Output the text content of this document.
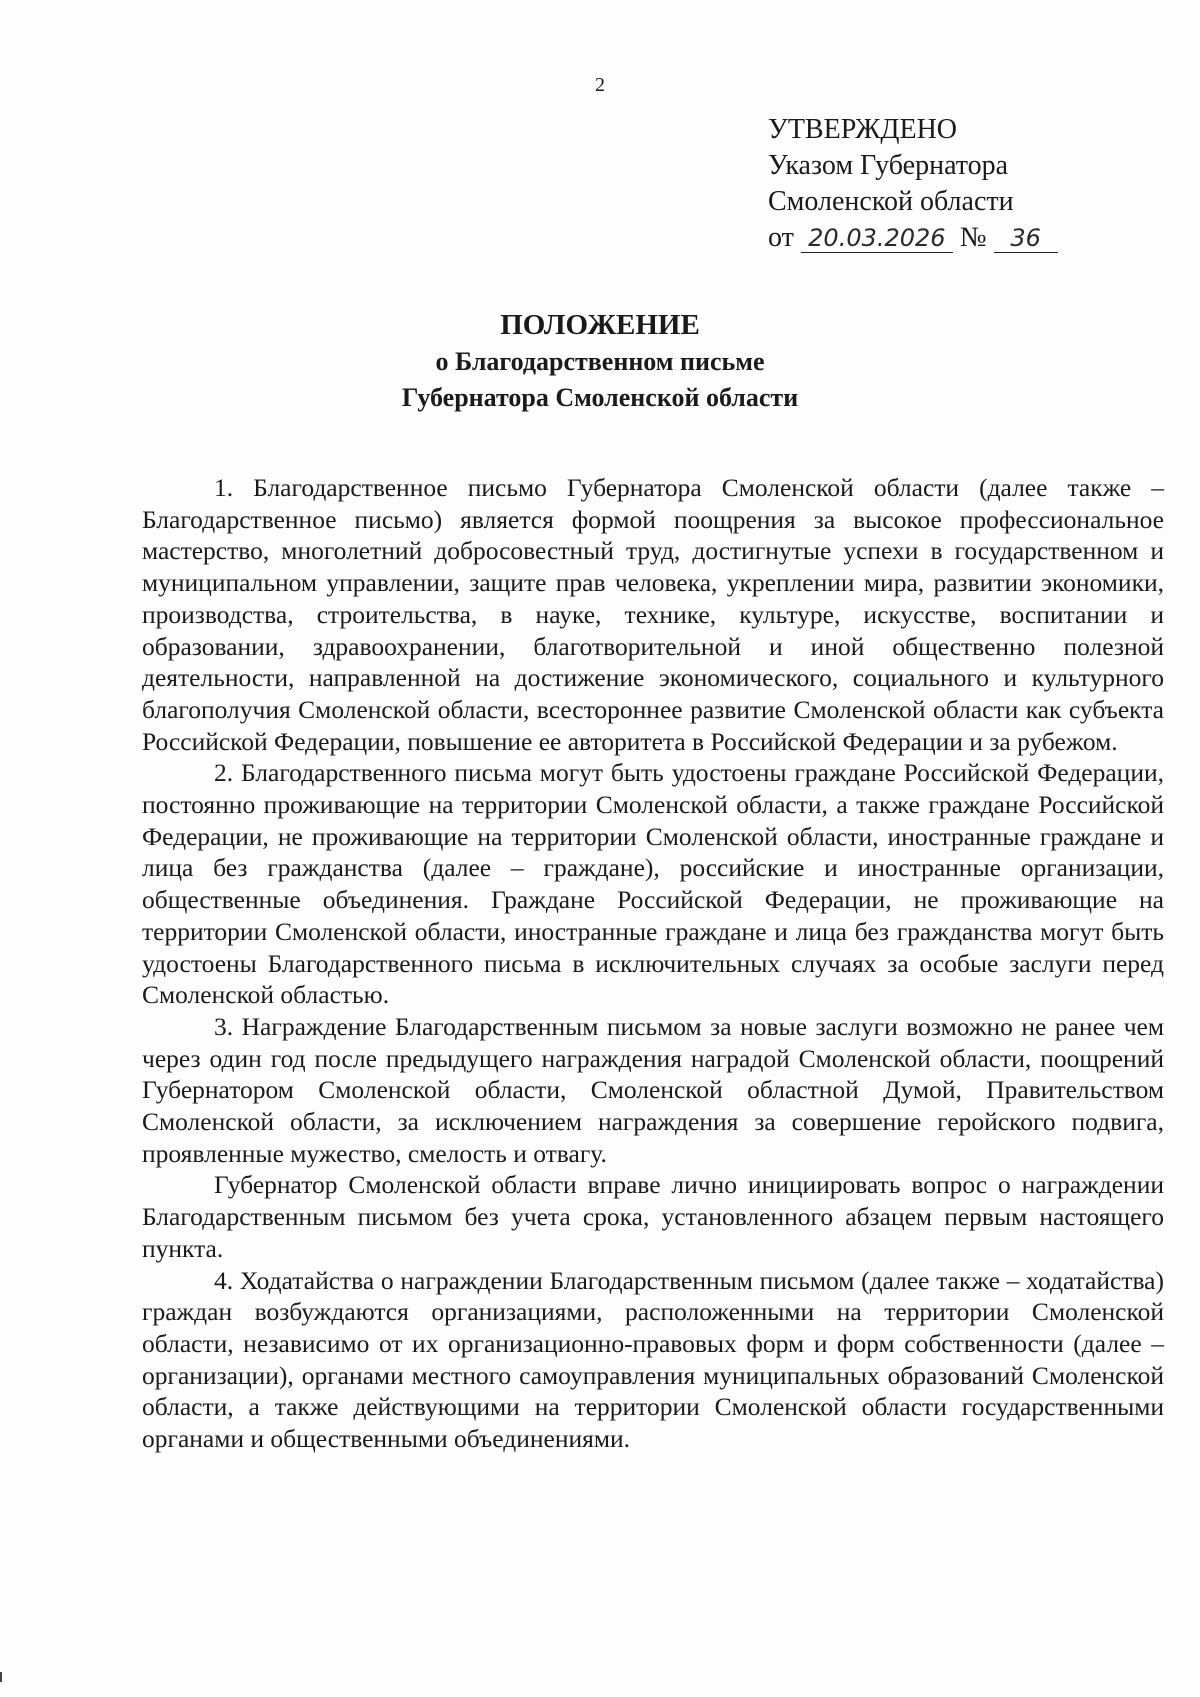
2
УТВЕРЖДЕНО
Указом Губернатора
Смоленской области
от 20.03.2026 № 36
ПОЛОЖЕНИЕ
о Благодарственном письме
Губернатора Смоленской области

1. Благодарственное письмо Губернатора Смоленской области (далее также – Благодарственное письмо) является формой поощрения за высокое профессиональное мастерство, многолетний добросовестный труд, достигнутые успехи в государственном и муниципальном управлении, защите прав человека, укреплении мира, развитии экономики, производства, строительства, в науке, технике, культуре, искусстве, воспитании и образовании, здравоохранении, благотворительной и иной общественно полезной деятельности, направленной на достижение экономического, социального и культурного благополучия Смоленской области, всестороннее развитие Смоленской области как субъекта Российской Федерации, повышение ее авторитета в Российской Федерации и за рубежом.

2. Благодарственного письма могут быть удостоены граждане Российской Федерации, постоянно проживающие на территории Смоленской области, а также граждане Российской Федерации, не проживающие на территории Смоленской области, иностранные граждане и лица без гражданства (далее – граждане), российские и иностранные организации, общественные объединения. Граждане Российской Федерации, не проживающие на территории Смоленской области, иностранные граждане и лица без гражданства могут быть удостоены Благодарственного письма в исключительных случаях за особые заслуги перед Смоленской областью.

3. Награждение Благодарственным письмом за новые заслуги возможно не ранее чем через один год после предыдущего награждения наградой Смоленской области, поощрений Губернатором Смоленской области, Смоленской областной Думой, Правительством Смоленской области, за исключением награждения за совершение геройского подвига, проявленные мужество, смелость и отвагу.

Губернатор Смоленской области вправе лично инициировать вопрос о награждении Благодарственным письмом без учета срока, установленного абзацем первым настоящего пункта.

4. Ходатайства о награждении Благодарственным письмом (далее также – ходатайства) граждан возбуждаются организациями, расположенными на территории Смоленской области, независимо от их организационно-правовых форм и форм собственности (далее – организации), органами местного самоуправления муниципальных образований Смоленской области, а также действующими на территории Смоленской области государственными органами и общественными объединениями.
